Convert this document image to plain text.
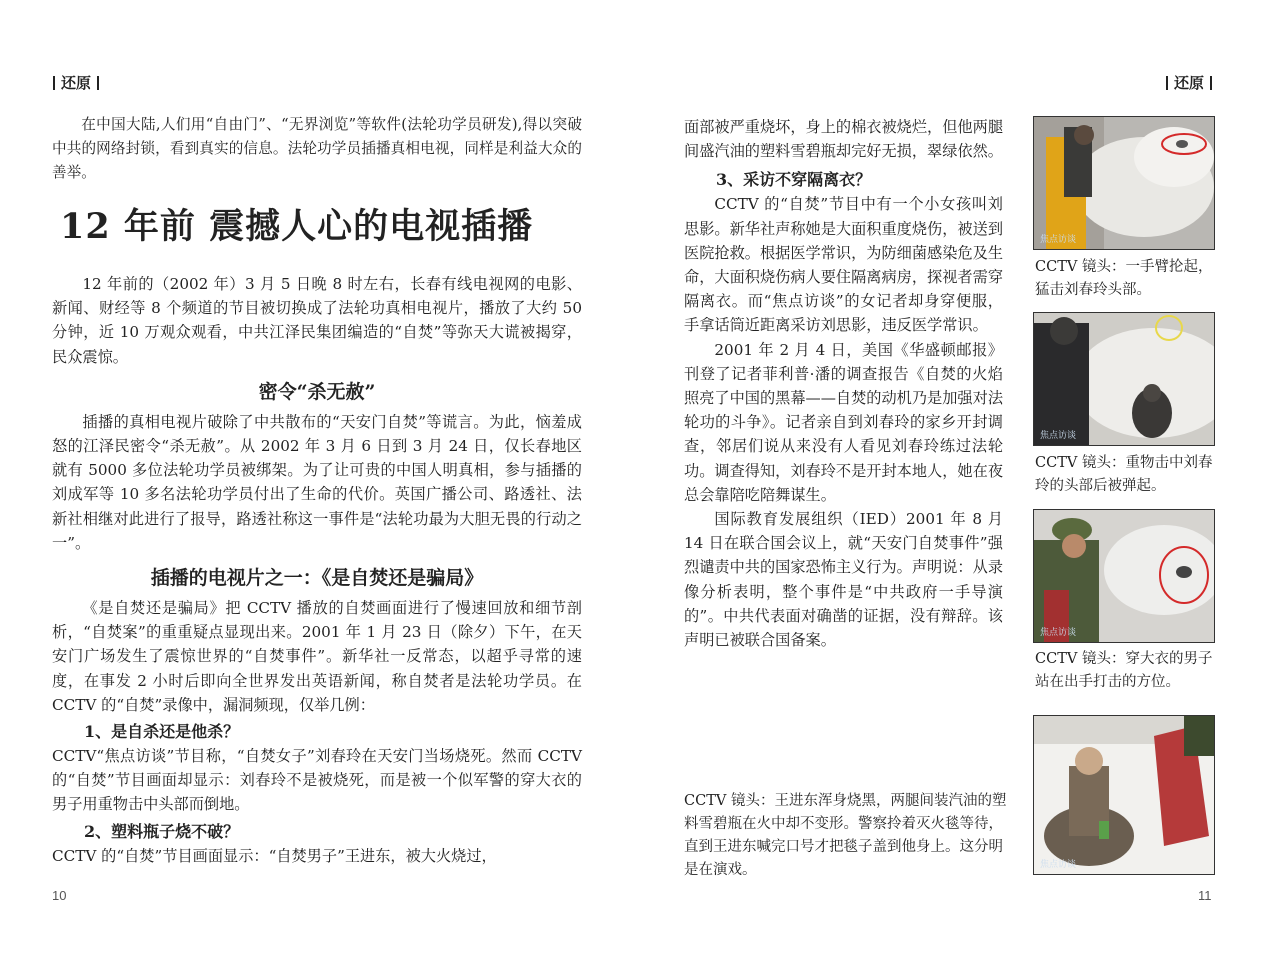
还原	还原

在中国大陆,人们用“自由门”、“无界浏览”等软件(法轮功学员研发),得以突破中共的网络封锁，看到真实的信息。法轮功学员插播真相电视，同样是利益大众的善举。

12 年前 震撼人心的电视插播

12 年前的（2002 年）3 月 5 日晚 8 时左右，长春有线电视网的电影、新闻、财经等 8 个频道的节目被切换成了法轮功真相电视片，播放了大约 50 分钟，近 10 万观众观看，中共江泽民集团编造的“自焚”等弥天大谎被揭穿，民众震惊。

密令“杀无赦”

插播的真相电视片破除了中共散布的“天安门自焚”等谎言。为此，恼羞成怒的江泽民密令“杀无赦”。从 2002 年 3 月 6 日到 3 月 24 日，仅长春地区就有 5000 多位法轮功学员被绑架。为了让可贵的中国人明真相，参与插播的刘成军等 10 多名法轮功学员付出了生命的代价。英国广播公司、路透社、法新社相继对此进行了报导，路透社称这一事件是“法轮功最为大胆无畏的行动之一”。

插播的电视片之一：《是自焚还是骗局》

《是自焚还是骗局》把 CCTV 播放的自焚画面进行了慢速回放和细节剖析，“自焚案”的重重疑点显现出来。2001 年 1 月 23 日（除夕）下午，在天安门广场发生了震惊世界的“自焚事件”。新华社一反常态，以超乎寻常的速度，在事发 2 小时后即向全世界发出英语新闻，称自焚者是法轮功学员。在 CCTV 的“自焚”录像中，漏洞频现，仅举几例：

1、是自杀还是他杀？

CCTV“焦点访谈”节目称，“自焚女子”刘春玲在天安门当场烧死。然而 CCTV 的“自焚”节目画面却显示：刘春玲不是被烧死，而是被一个似军警的穿大衣的男子用重物击中头部而倒地。

2、塑料瓶子烧不破？

CCTV 的“自焚”节目画面显示：“自焚男子”王进东，被大火烧过，

10

面部被严重烧坏，身上的棉衣被烧烂，但他两腿间盛汽油的塑料雪碧瓶却完好无损，翠绿依然。

3、采访不穿隔离衣？

CCTV 的“自焚”节目中有一个小女孩叫刘思影。新华社声称她是大面积重度烧伤，被送到医院抢救。根据医学常识，为防细菌感染危及生命，大面积烧伤病人要住隔离病房，探视者需穿隔离衣。而“焦点访谈”的女记者却身穿便服，手拿话筒近距离采访刘思影，违反医学常识。

2001 年 2 月 4 日，美国《华盛顿邮报》刊登了记者菲利普·潘的调查报告《自焚的火焰照亮了中国的黑幕——自焚的动机乃是加强对法轮功的斗争》。记者亲自到刘春玲的家乡开封调查，邻居们说从来没有人看见刘春玲练过法轮功。调查得知，刘春玲不是开封本地人，她在夜总会靠陪吃陪舞谋生。

国际教育发展组织（IED）2001 年 8 月 14 日在联合国会议上，就“天安门自焚事件”强烈谴责中共的国家恐怖主义行为。声明说：从录像分析表明，整个事件是“中共政府一手导演的”。中共代表面对确凿的证据，没有辩辞。该声明已被联合国备案。

CCTV 镜头：王进东浑身烧黑，两腿间装汽油的塑料雪碧瓶在火中却不变形。警察拎着灭火毯等待，直到王进东喊完口号才把毯子盖到他身上。这分明是在演戏。
焦点访谈
CCTV 镜头：一手臂抡起，猛击刘春玲头部。
焦点访谈
CCTV 镜头：重物击中刘春玲的头部后被弹起。
焦点访谈
CCTV 镜头：穿大衣的男子站在出手打击的方位。
焦点访谈
11
